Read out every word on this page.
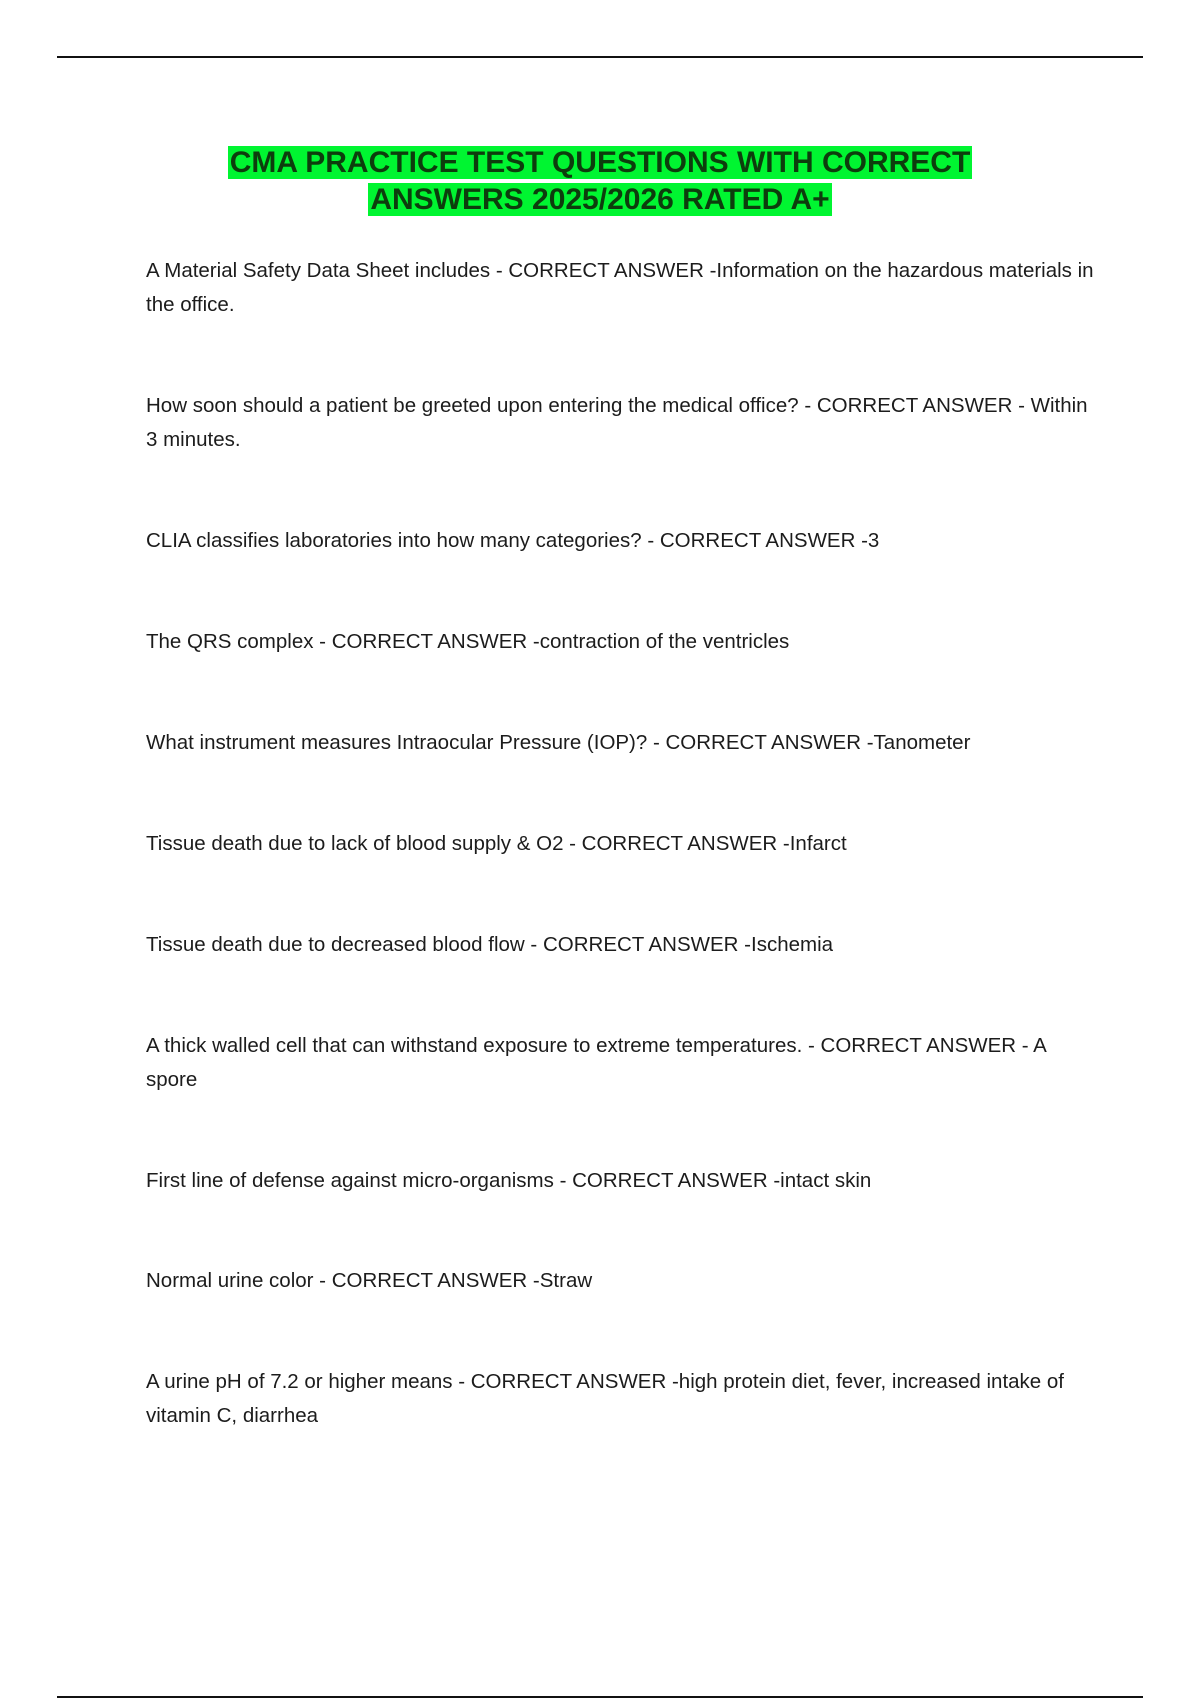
CMA PRACTICE TEST QUESTIONS WITH CORRECT
ANSWERS 2025/2026 RATED A+

A Material Safety Data Sheet includes - CORRECT ANSWER -Information on the hazardous materials in the office.

How soon should a patient be greeted upon entering the medical office? - CORRECT ANSWER - Within 3 minutes.

CLIA classifies laboratories into how many categories? - CORRECT ANSWER -3

The QRS complex - CORRECT ANSWER -contraction of the ventricles

What instrument measures Intraocular Pressure (IOP)? - CORRECT ANSWER -Tanometer

Tissue death due to lack of blood supply & O2 - CORRECT ANSWER -Infarct

Tissue death due to decreased blood flow - CORRECT ANSWER -Ischemia

A thick walled cell that can withstand exposure to extreme temperatures. - CORRECT ANSWER - A spore

First line of defense against micro-organisms - CORRECT ANSWER -intact skin

Normal urine color - CORRECT ANSWER -Straw

A urine pH of 7.2 or higher means - CORRECT ANSWER -high protein diet, fever, increased intake of vitamin C, diarrhea
